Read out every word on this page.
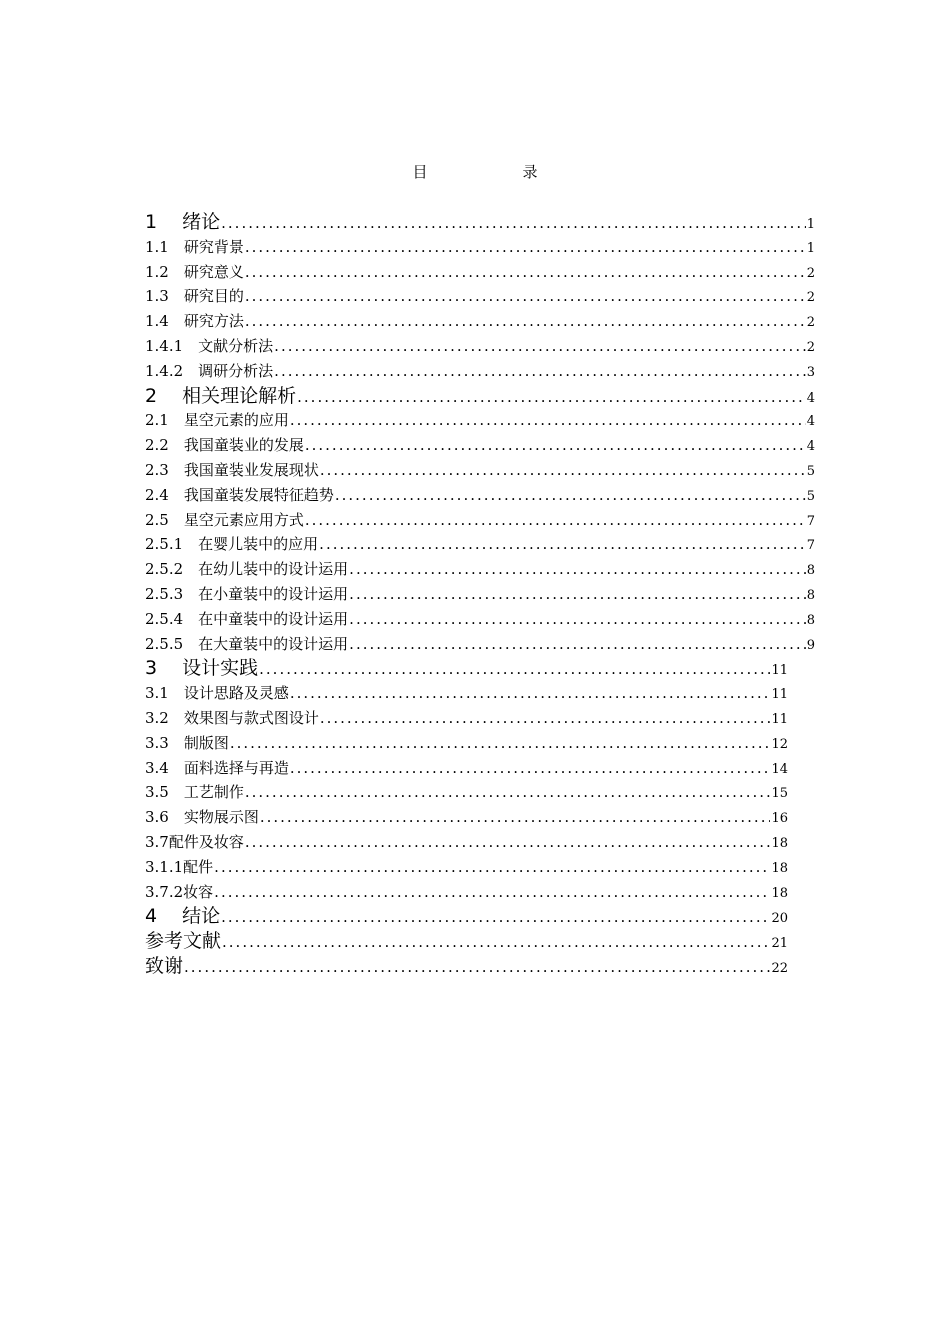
目　录
1　 绪论 .....	1
1.1　研究背景 .....	1
1.2　研究意义 .....	2
1.3　研究目的 .....	2
1.4　研究方法 .....	2
1.4.1　文献分析法 .....	2
1.4.2　调研分析法 .....	3
2　 相关理论解析 .....	4
2.1　星空元素的应用 .....	4
2.2　我国童装业的发展 .....	4
2.3　我国童装业发展现状 .....	5
2.4　我国童装发展特征趋势 .....	5
2.5　星空元素应用方式 .....	7
2.5.1　在婴儿装中的应用 .....	7
2.5.2　在幼儿装中的设计运用 .....	8
2.5.3　在小童装中的设计运用 .....	8
2.5.4　在中童装中的设计运用 .....	8
2.5.5　在大童装中的设计运用 .....	9
3　 设计实践 .....	11
3.1　设计思路及灵感 .....	11
3.2　效果图与款式图设计 .....	11
3.3　制版图 .....	12
3.4　面料选择与再造 .....	14
3.5　工艺制作 .....	15
3.6　实物展示图 .....	16
3.7配件及妆容 .....	18
3.1.1配件 .....	18
3.7.2妆容 .....	18
4　 结论 .....	20
参考文献 .....	21
致谢 .....	22
